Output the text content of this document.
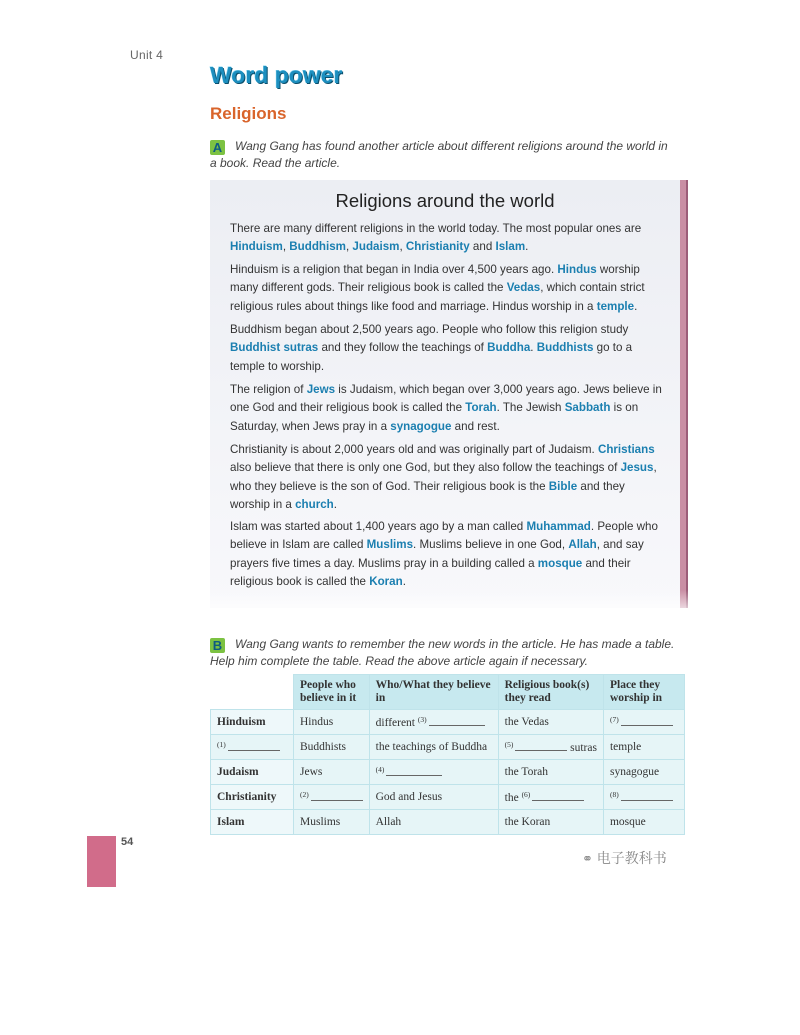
Unit 4
Word power
Religions
A Wang Gang has found another article about different religions around the world in a book. Read the article.
Religions around the world
There are many different religions in the world today. The most popular ones are Hinduism, Buddhism, Judaism, Christianity and Islam.
Hinduism is a religion that began in India over 4,500 years ago. Hindus worship many different gods. Their religious book is called the Vedas, which contain strict religious rules about things like food and marriage. Hindus worship in a temple.
Buddhism began about 2,500 years ago. People who follow this religion study Buddhist sutras and they follow the teachings of Buddha. Buddhists go to a temple to worship.
The religion of Jews is Judaism, which began over 3,000 years ago. Jews believe in one God and their religious book is called the Torah. The Jewish Sabbath is on Saturday, when Jews pray in a synagogue and rest.
Christianity is about 2,000 years old and was originally part of Judaism. Christians also believe that there is only one God, but they also follow the teachings of Jesus, who they believe is the son of God. Their religious book is the Bible and they worship in a church.
Islam was started about 1,400 years ago by a man called Muhammad. People who believe in Islam are called Muslims. Muslims believe in one God, Allah, and say prayers five times a day. Muslims pray in a building called a mosque and their religious book is called the Koran.
B Wang Gang wants to remember the new words in the article. He has made a table. Help him complete the table. Read the above article again if necessary.
	People who believe in it	Who/What they believe in	Religious book(s) they read	Place they worship in
Hinduism	Hindus	different $^{(3)}$	the Vedas	$^{(7)}$
$^{(1)}$	Buddhists	the teachings of Buddha	$^{(5)}$ sutras	temple
Judaism	Jews	$^{(4)}$	the Torah	synagogue
Christianity	$^{(2)}$	God and Jesus	the $^{(6)}$	$^{(8)}$
Islam	Muslims	Allah	the Koran	mosque
54
⚭ 电子教科书
